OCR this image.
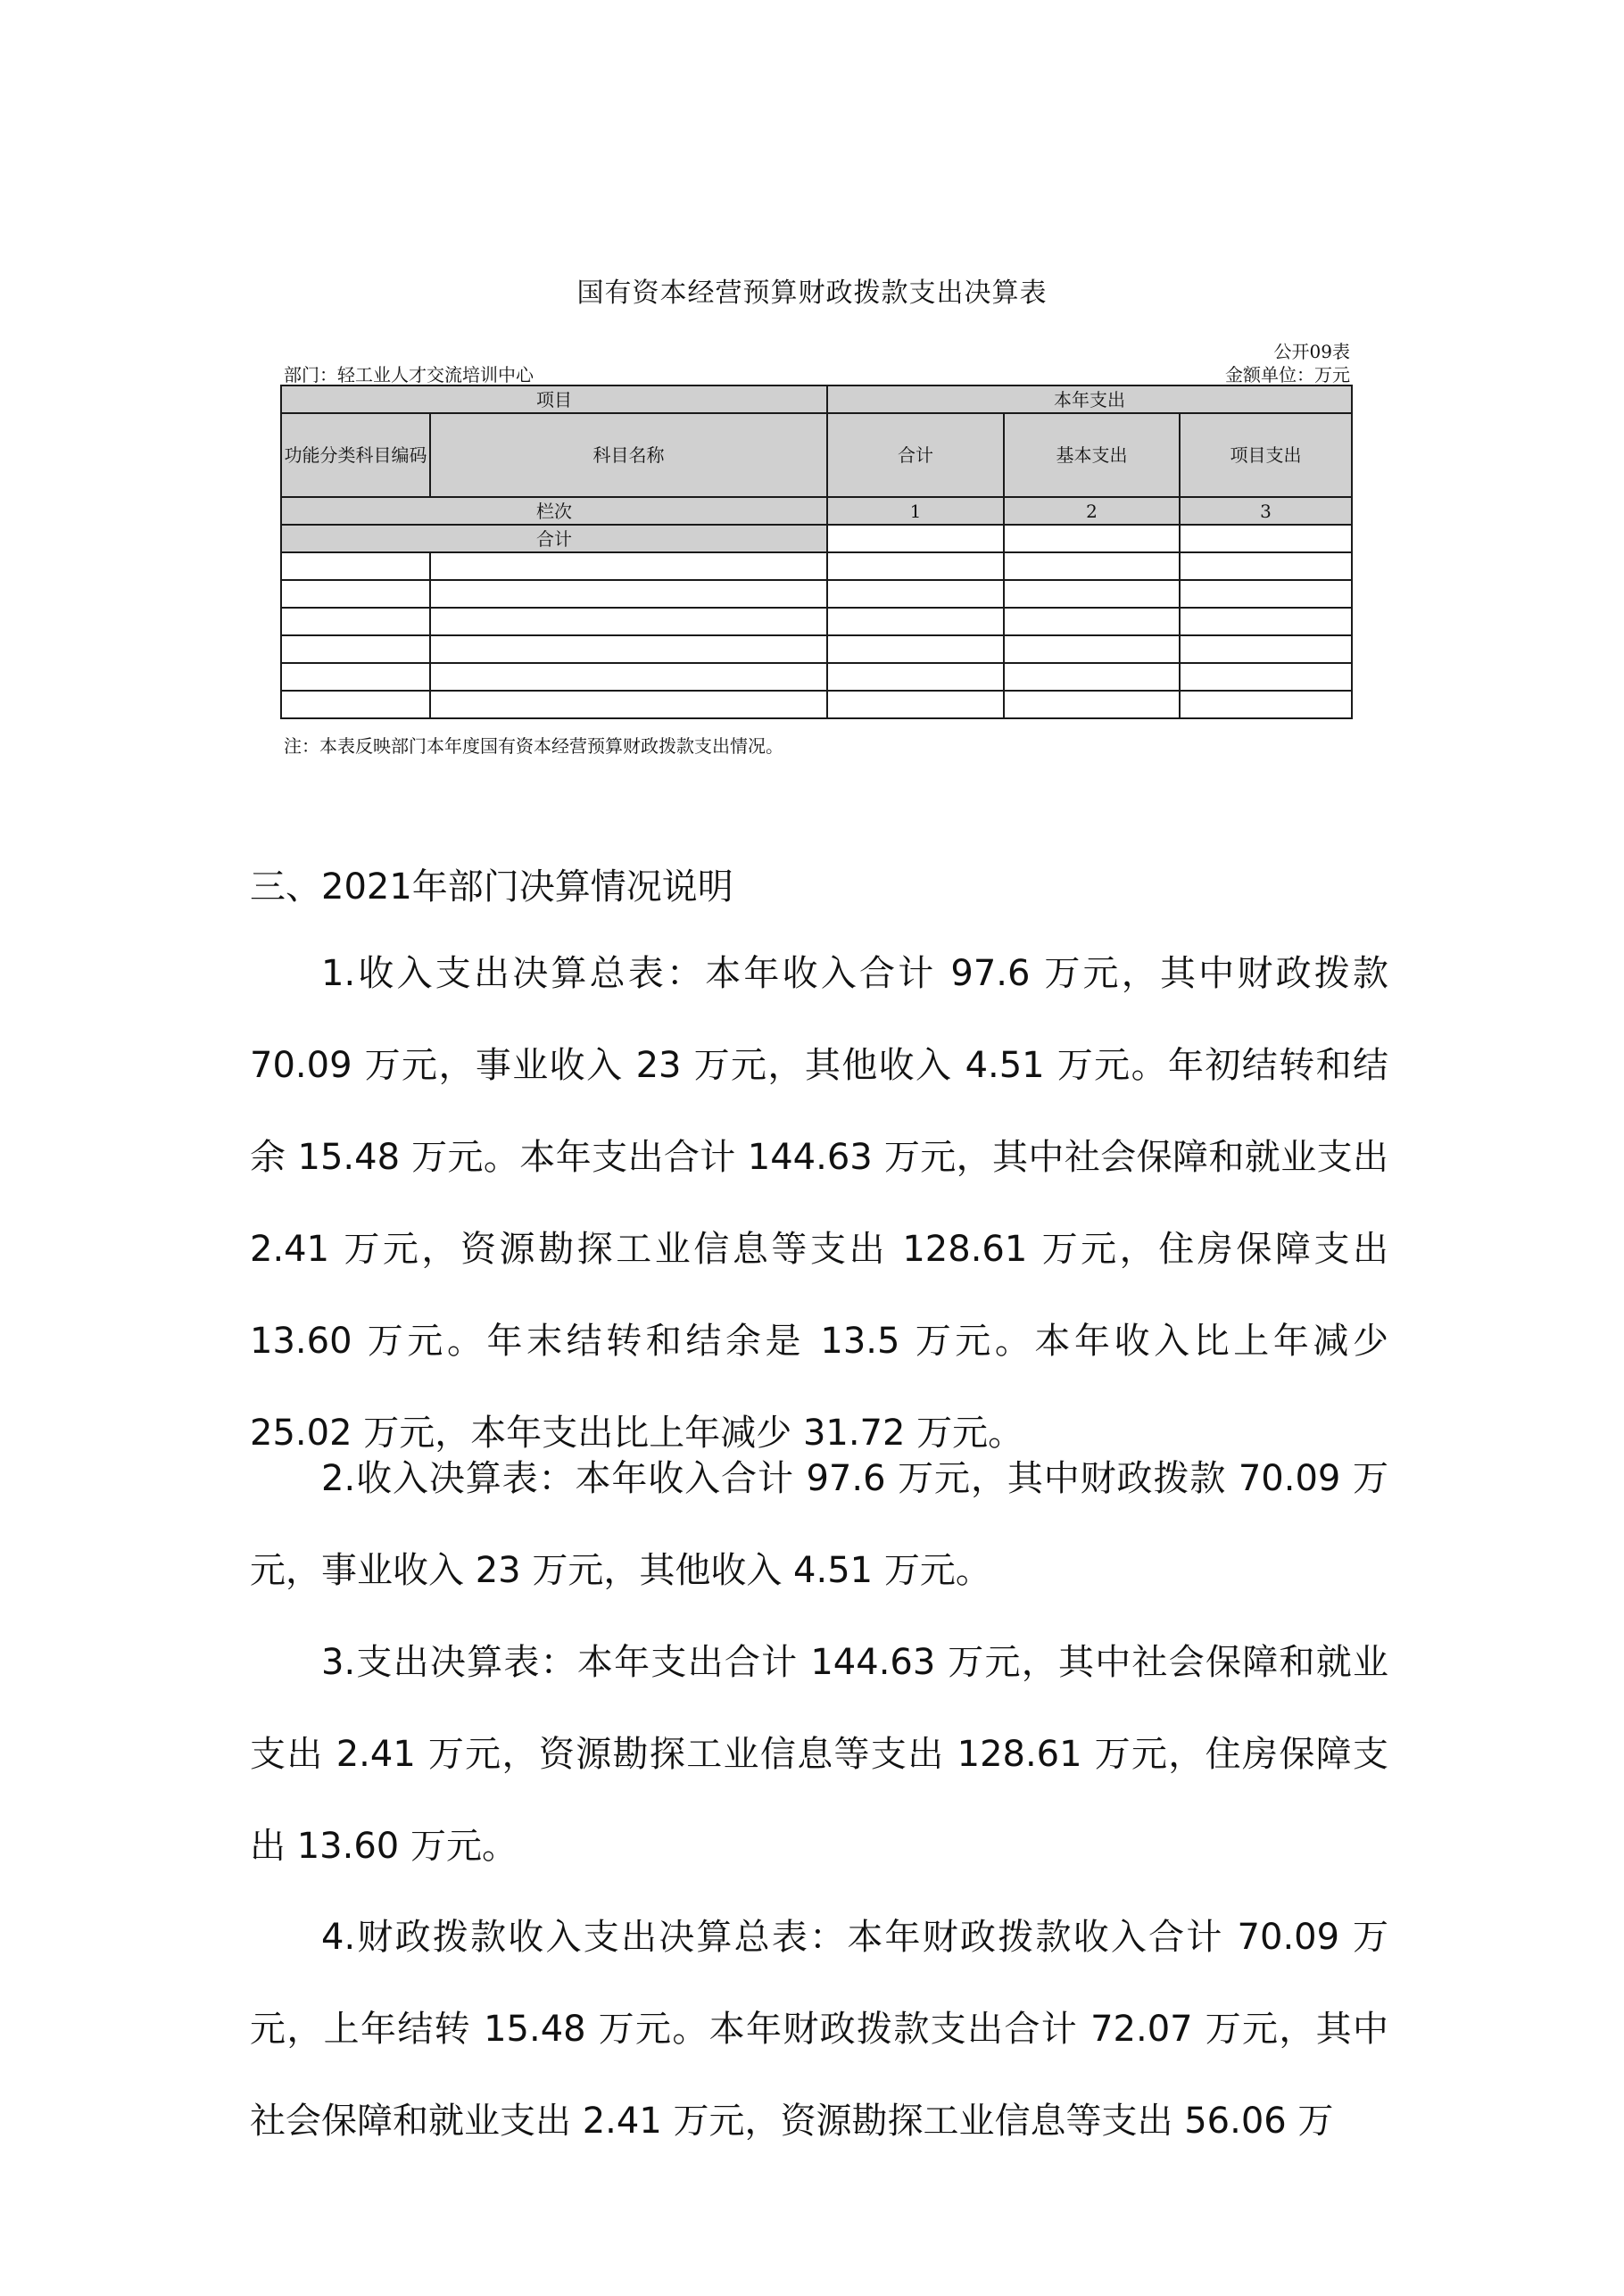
国有资本经营预算财政拨款支出决算表
公开09表
部门：轻工业人才交流培训中心	金额单位：万元
项目		本年支出		
功能分类科目编码	科目名称	合计	基本支出	项目支出
栏次		1	2	3
合计				

注：本表反映部门本年度国有资本经营预算财政拨款支出情况。
三、2021年部门决算情况说明

1.收入支出决算总表：本年收入合计 97.6 万元，其中财政拨款 70.09 万元，事业收入 23 万元，其他收入 4.51 万元。年初结转和结余 15.48 万元。本年支出合计 144.63 万元，其中社会保障和就业支出 2.41 万元，资源勘探工业信息等支出 128.61 万元，住房保障支出 13.60 万元。年末结转和结余是 13.5 万元。本年收入比上年减少 25.02 万元，本年支出比上年减少 31.72 万元。

2.收入决算表：本年收入合计 97.6 万元，其中财政拨款 70.09 万元，事业收入 23 万元，其他收入 4.51 万元。

3.支出决算表：本年支出合计 144.63 万元，其中社会保障和就业支出 2.41 万元，资源勘探工业信息等支出 128.61 万元，住房保障支出 13.60 万元。

4.财政拨款收入支出决算总表：本年财政拨款收入合计 70.09 万元，上年结转 15.48 万元。本年财政拨款支出合计 72.07 万元，其中社会保障和就业支出 2.41 万元，资源勘探工业信息等支出 56.06 万
